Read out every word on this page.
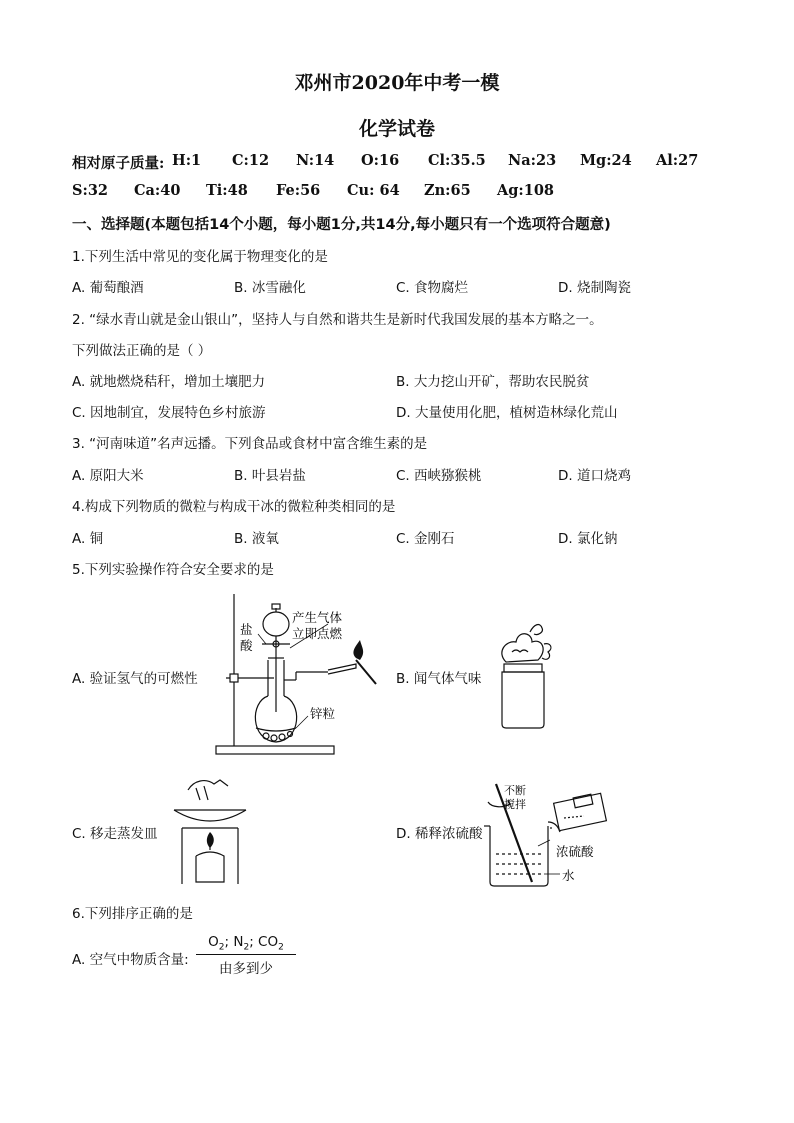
邓州市2020年中考一模
化学试卷
相对原子质量: H:1 C:12 N:14 O:16 Cl:35.5 Na:23 Mg:24 Al:27
S:32 Ca:40 Ti:48 Fe:56 Cu: 64 Zn:65 Ag:108
一、选择题(本题包括14个小题，每小题1分,共14分,每小题只有一个选项符合题意)
1.下列生活中常见的变化属于物理变化的是
A. 葡萄酿酒	B. 冰雪融化	C. 食物腐烂	D. 烧制陶瓷
2. “绿水青山就是金山银山”，坚持人与自然和谐共生是新时代我国发展的基本方略之一。
下列做法正确的是（ ）
A. 就地燃烧秸秆，增加土壤肥力	B. 大力挖山开矿，帮助农民脱贫
C. 因地制宜，发展特色乡村旅游	D. 大量使用化肥，植树造林绿化荒山
3. “河南味道”名声远播。下列食品或食材中富含维生素的是
A. 原阳大米	B. 叶县岩盐	C. 西峡猕猴桃	D. 道口烧鸡
4.构成下列物质的微粒与构成干冰的微粒种类相同的是
A. 铜	B. 液氧	C. 金刚石	D. 氯化钠
5.下列实验操作符合安全要求的是
A. 验证氢气的可燃性	B. 闻气体气味
C. 移走蒸发皿	D. 稀释浓硫酸
盐
酸
产生气体
立即点燃
锌粒
不断
搅拌
浓硫酸
水
6.下列排序正确的是
A. 空气中物质含量:
$O_2$; $N_2$; $CO_2$
由多到少
